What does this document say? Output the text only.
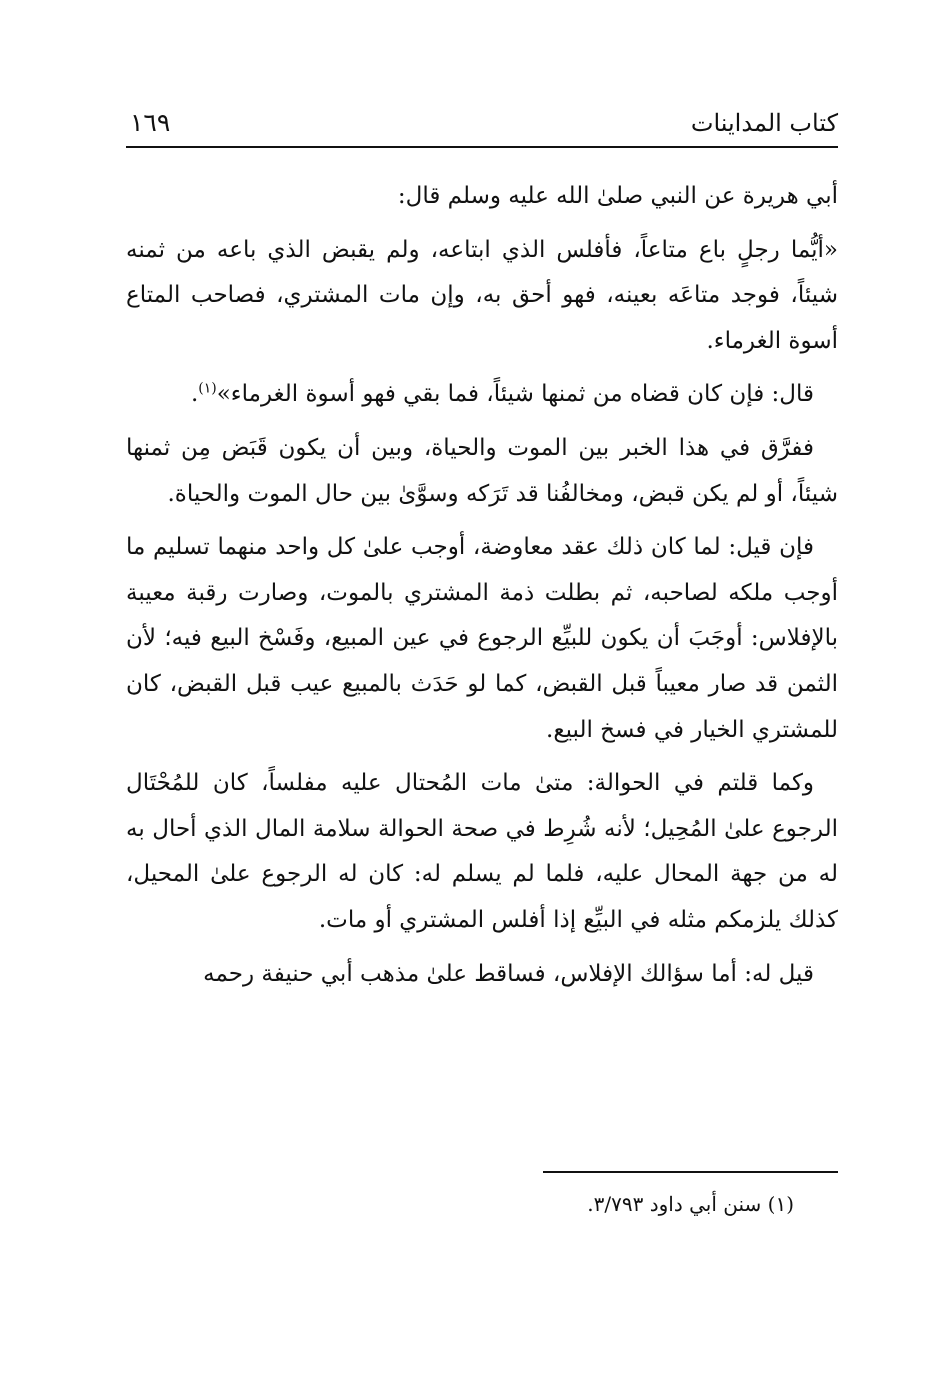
كتاب المداينات
١٦٩

أبي هريرة عن النبي صلىٰ الله عليه وسلم قال:

«أيُّما رجلٍ باع متاعاً، فأفلس الذي ابتاعه، ولم يقبض الذي باعه من ثمنه شيئاً، فوجد متاعَه بعينه، فهو أحق به، وإن مات المشتري، فصاحب المتاع أسوة الغرماء.

قال: فإن كان قضاه من ثمنها شيئاً، فما بقي فهو أسوة الغرماء»$^{(١)}$.

ففرَّق في هذا الخبر بين الموت والحياة، وبين أن يكون قَبَض مِن ثمنها شيئاً، أو لم يكن قبض، ومخالفُنا قد تَرَكه وسوَّىٰ بين حال الموت والحياة.

فإن قيل: لما كان ذلك عقد معاوضة، أوجب علىٰ كل واحد منهما تسليم ما أوجب ملكه لصاحبه، ثم بطلت ذمة المشتري بالموت، وصارت رقبة معيبة بالإفلاس: أوجَبَ أن يكون للبيِّع الرجوع في عين المبيع، وفَسْخ البيع فيه؛ لأن الثمن قد صار معيباً قبل القبض، كما لو حَدَث بالمبيع عيب قبل القبض، كان للمشتري الخيار في فسخ البيع.

وكما قلتم في الحوالة: متىٰ مات المُحتال عليه مفلساً، كان للمُحْتَال الرجوع علىٰ المُحِيل؛ لأنه شُرِط في صحة الحوالة سلامة المال الذي أحال به له من جهة المحال عليه، فلما لم يسلم له: كان له الرجوع علىٰ المحيل، كذلك يلزمكم مثله في البيِّع إذا أفلس المشتري أو مات.

قيل له: أما سؤالك الإفلاس، فساقط علىٰ مذهب أبي حنيفة رحمه

(١) سنن أبي داود ٣/٧٩٣.
